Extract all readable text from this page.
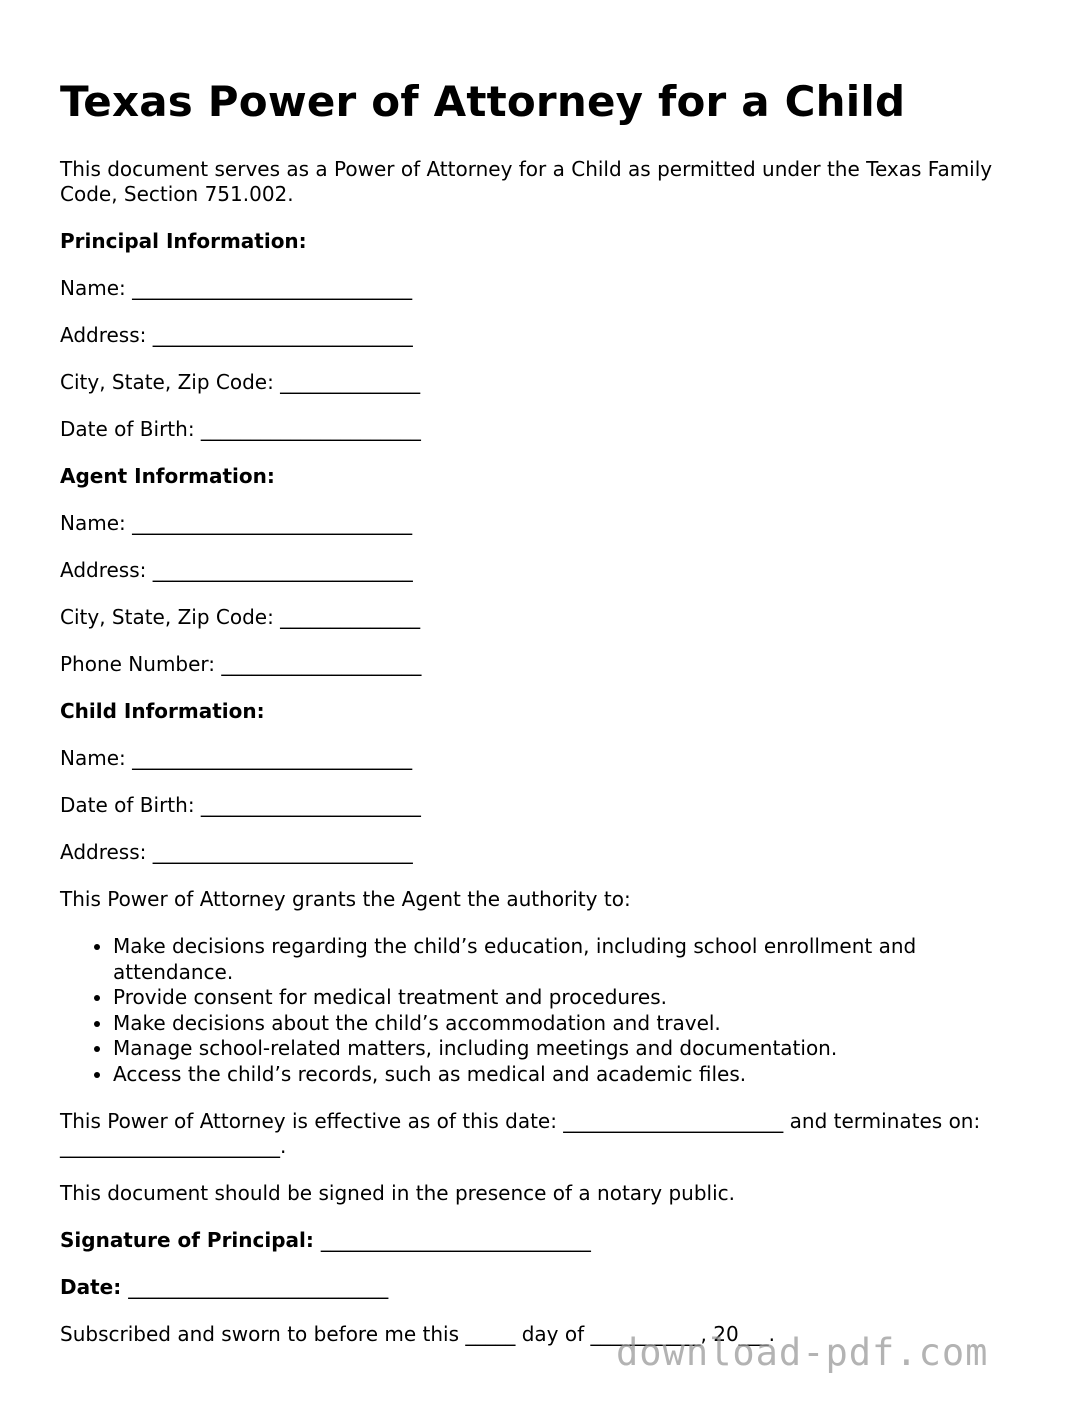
Texas Power of Attorney for a Child

This document serves as a Power of Attorney for a Child as permitted under the Texas Family Code, Section 751.002.

Principal Information:

Name: ____________________________

Address: __________________________

City, State, Zip Code: ______________

Date of Birth: ______________________

Agent Information:

Name: ____________________________

Address: __________________________

City, State, Zip Code: ______________

Phone Number: ____________________

Child Information:

Name: ____________________________

Date of Birth: ______________________

Address: __________________________

This Power of Attorney grants the Agent the authority to:

• Make decisions regarding the child’s education, including school enrollment and attendance.
• Provide consent for medical treatment and procedures.
• Make decisions about the child’s accommodation and travel.
• Manage school-related matters, including meetings and documentation.
• Access the child’s records, such as medical and academic files.

This Power of Attorney is effective as of this date: ______________________ and terminates on: ______________________.

This document should be signed in the presence of a notary public.

Signature of Principal: ___________________________

Date: __________________________

Subscribed and sworn to before me this _____ day of ___________, 20___.

download-pdf.com
